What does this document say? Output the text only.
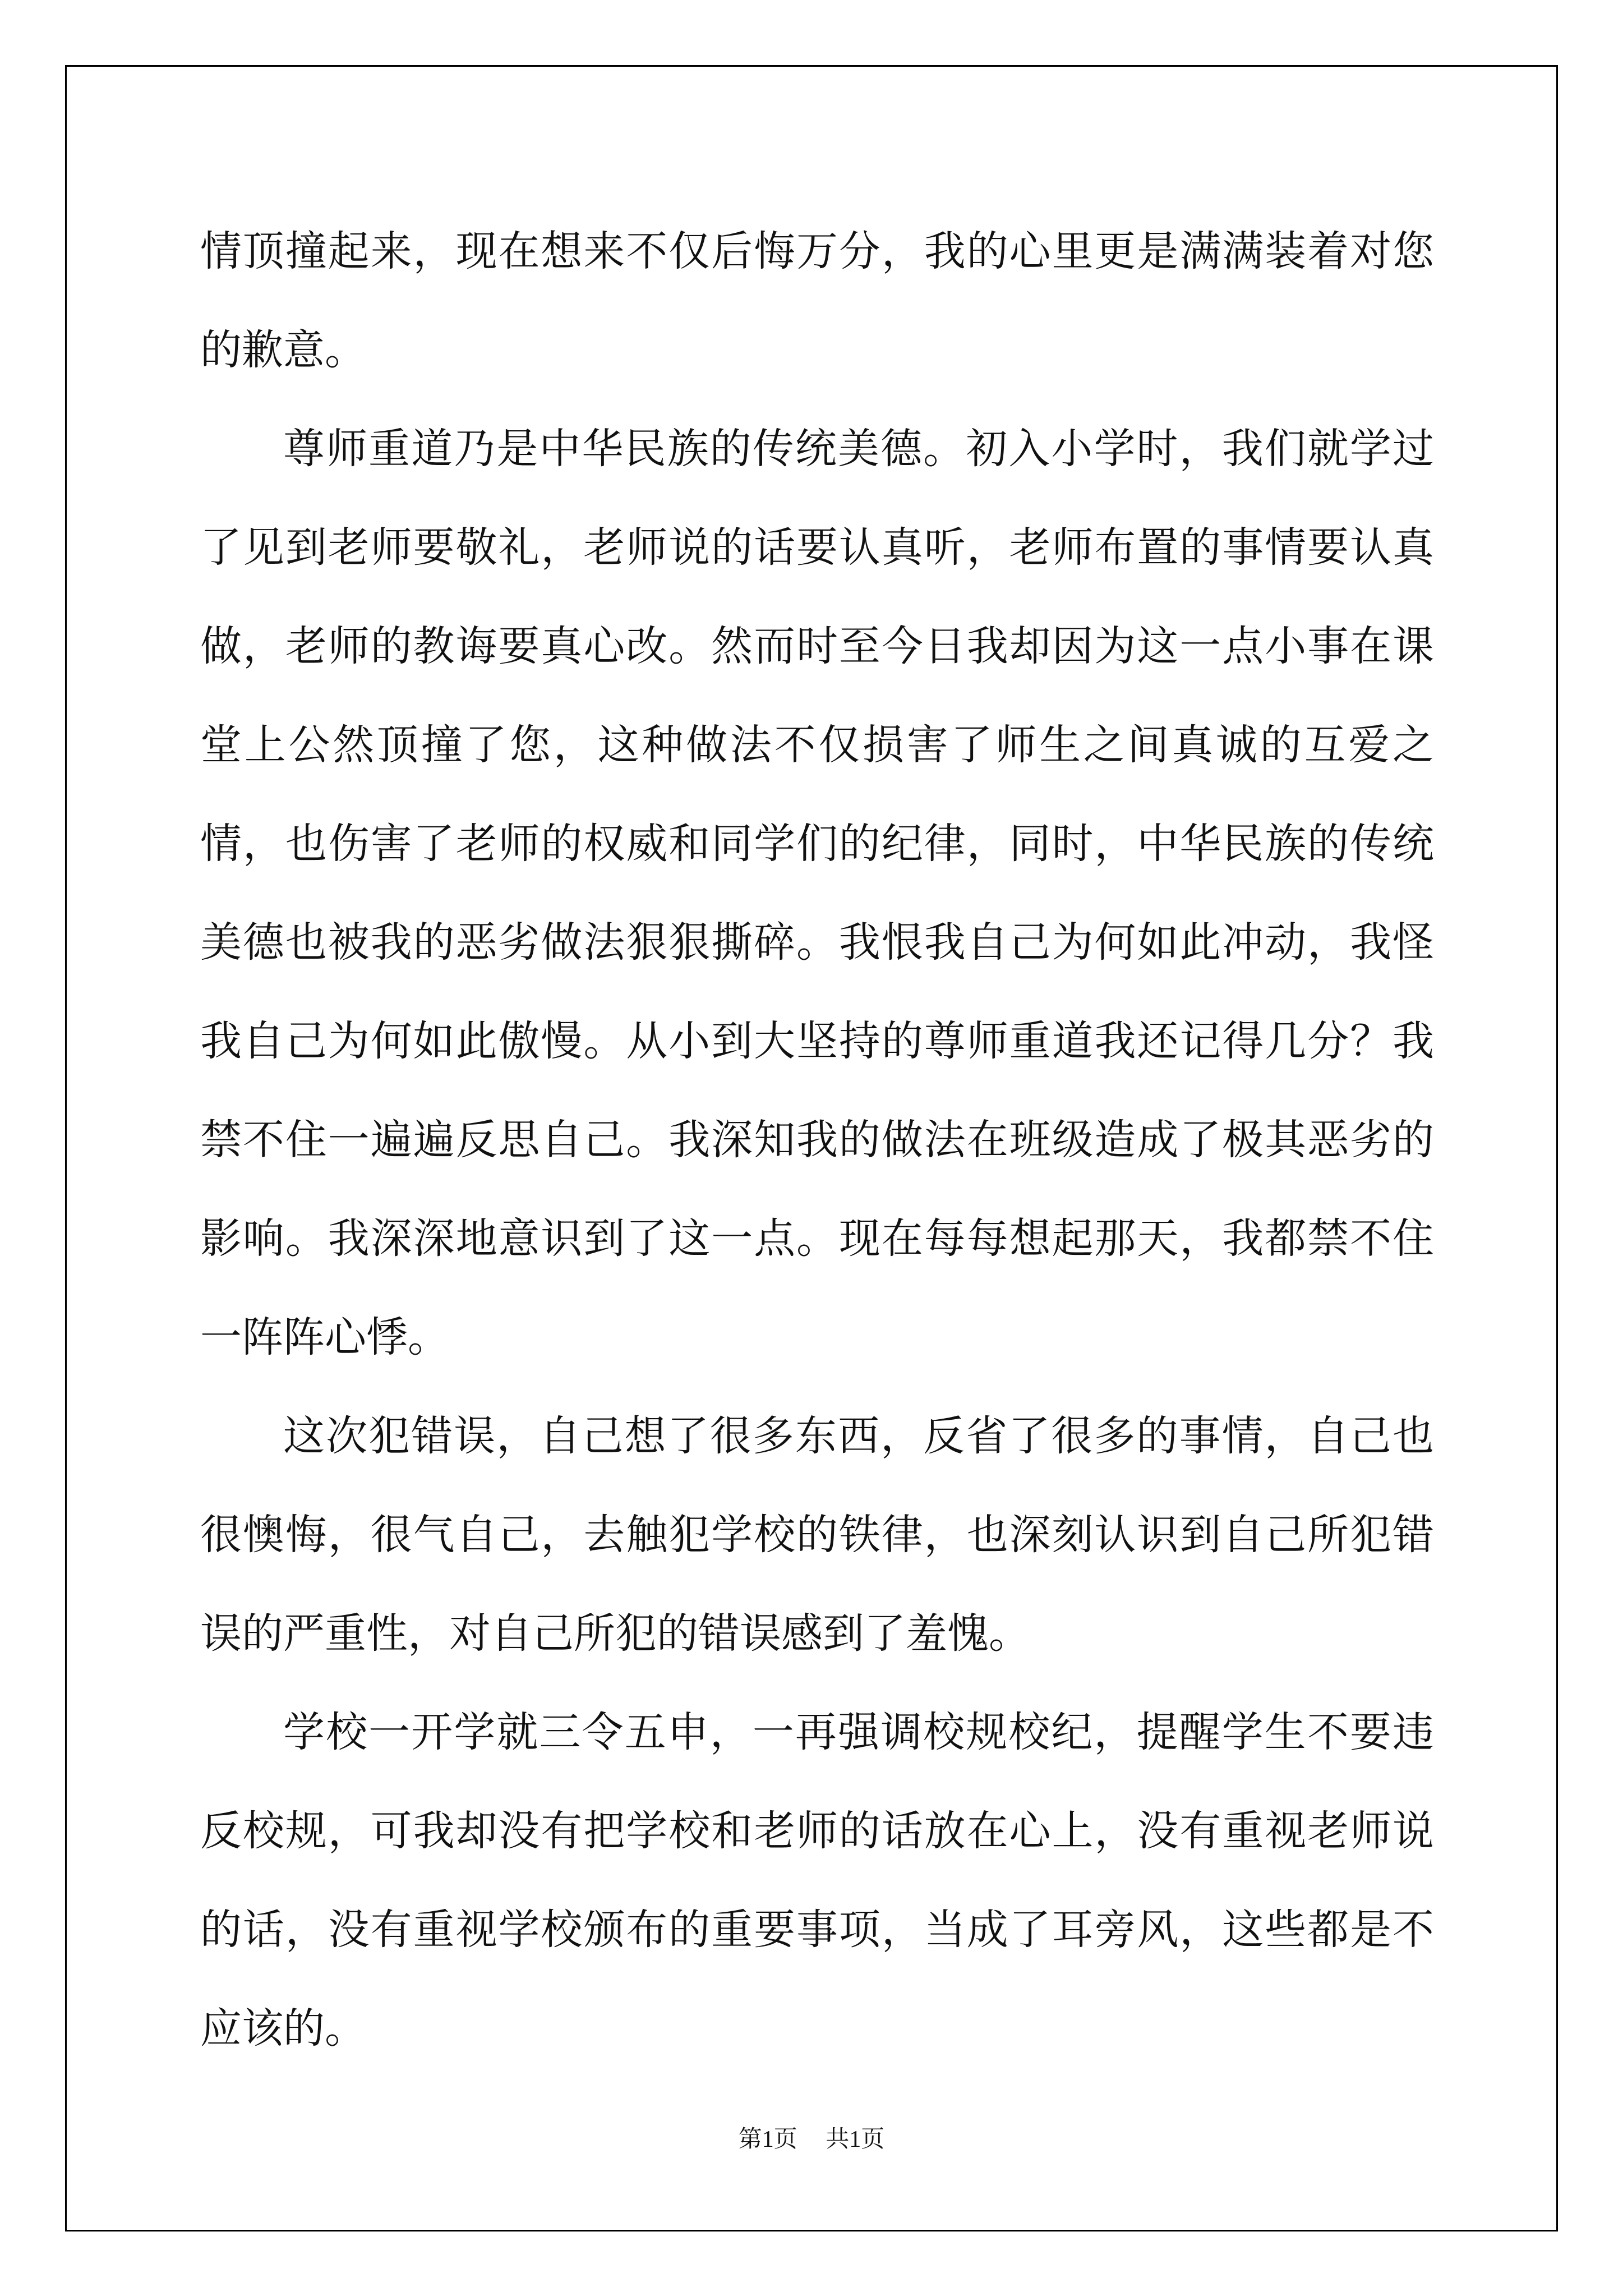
情顶撞起来，现在想来不仅后悔万分，我的心里更是满满装着对您的歉意。

尊师重道乃是中华民族的传统美德。初入小学时，我们就学过了见到老师要敬礼，老师说的话要认真听，老师布置的事情要认真做，老师的教诲要真心改。然而时至今日我却因为这一点小事在课堂上公然顶撞了您，这种做法不仅损害了师生之间真诚的互爱之情，也伤害了老师的权威和同学们的纪律，同时，中华民族的传统美德也被我的恶劣做法狠狠撕碎。我恨我自己为何如此冲动，我怪我自己为何如此傲慢。从小到大坚持的尊师重道我还记得几分？我禁不住一遍遍反思自己。我深知我的做法在班级造成了极其恶劣的影响。我深深地意识到了这一点。现在每每想起那天，我都禁不住一阵阵心悸。

这次犯错误，自己想了很多东西，反省了很多的事情，自己也很懊悔，很气自己，去触犯学校的铁律，也深刻认识到自己所犯错误的严重性，对自己所犯的错误感到了羞愧。

学校一开学就三令五申，一再强调校规校纪，提醒学生不要违反校规，可我却没有把学校和老师的话放在心上，没有重视老师说的话，没有重视学校颁布的重要事项，当成了耳旁风，这些都是不应该的。

第1页 共1页
